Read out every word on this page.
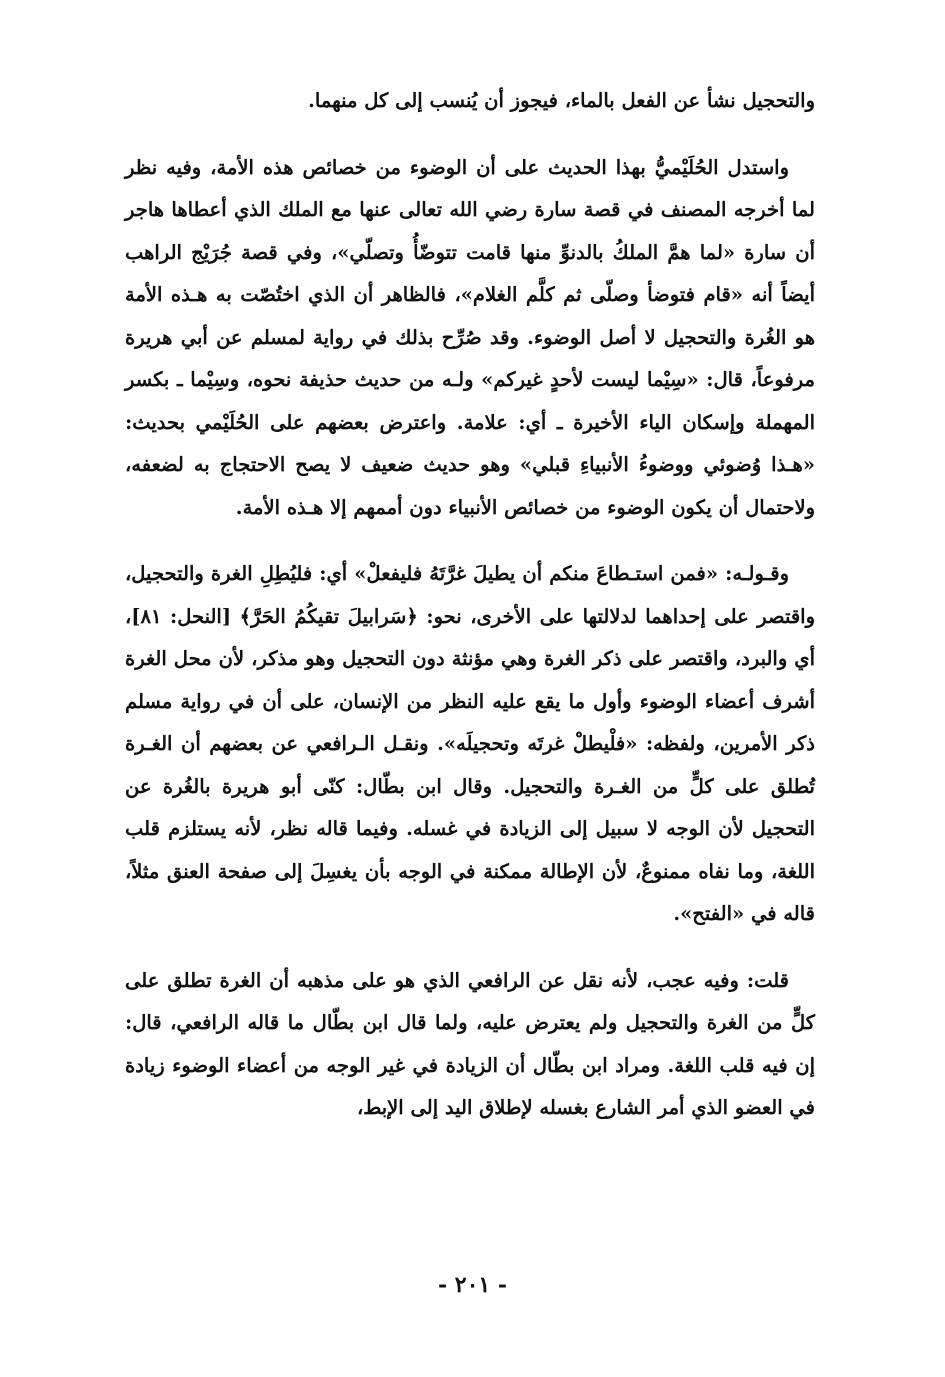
والتحجيل نشأ عن الفعل بالماء، فيجوز أن يُنسب إلى كل منهما.

واستدل الحُلَيْميُّ بهذا الحديث على أن الوضوء من خصائص هذه الأمة، وفيه نظر لما أخرجه المصنف في قصة سارة رضي الله تعالى عنها مع الملك الذي أعطاها هاجر أن سارة «لما همَّ الملكُ بالدنوِّ منها قامت تتوضّأُ وتصلّي»، وفي قصة جُرَيْج الراهب أيضاً أنه «قام فتوضأ وصلّى ثم كلَّم الغلام»، فالظاهر أن الذي اختُصّت به هـذه الأمة هو الغُرة والتحجيل لا أصل الوضوء. وقد صُرِّح بذلك في رواية لمسلم عن أبي هريرة مرفوعاً، قال: «سِيْما ليست لأحدٍ غيركم» ولـه من حديث حذيفة نحوه، وسِيْما ـ بكسر المهملة وإسكان الياء الأخيرة ـ أي: علامة. واعترض بعضهم على الحُلَيْمي بحديث: «هـذا وُضوئي ووضوءُ الأنبياءِ قبلي» وهو حديث ضعيف لا يصح الاحتجاج به لضعفه، ولاحتمال أن يكون الوضوء من خصائص الأنبياء دون أممهم إلا هـذه الأمة.

وقـولـه: «فمن استـطاعَ منكم أن يطيلَ غرَّتَهُ فليفعلْ» أي: فليُطِلِ الغرة والتحجيل، واقتصر على إحداهما لدلالتها على الأخرى، نحو: ﴿سَرابيلَ تقيكُمُ الحَرَّ﴾ [النحل: ٨١]، أي والبرد، واقتصر على ذكر الغرة وهي مؤنثة دون التحجيل وهو مذكر، لأن محل الغرة أشرف أعضاء الوضوء وأول ما يقع عليه النظر من الإنسان، على أن في رواية مسلم ذكر الأمرين، ولفظه: «فلْيطلْ غرتَه وتحجيلَه». ونقـل الـرافعي عن بعضهم أن الغـرة تُطلق على كلٍّ من الغـرة والتحجيل. وقال ابن بطّال: كنّى أبو هريرة بالغُرة عن التحجيل لأن الوجه لا سبيل إلى الزيادة في غسله. وفيما قاله نظر، لأنه يستلزم قلب اللغة، وما نفاه ممنوعٌ، لأن الإطالة ممكنة في الوجه بأن يغسِلَ إلى صفحة العنق مثلاً، قاله في «الفتح».

قلت: وفيه عجب، لأنه نقل عن الرافعي الذي هو على مذهبه أن الغرة تطلق على كلٍّ من الغرة والتحجيل ولم يعترض عليه، ولما قال ابن بطّال ما قاله الرافعي، قال: إن فيه قلب اللغة. ومراد ابن بطّال أن الزيادة في غير الوجه من أعضاء الوضوء زيادة في العضو الذي أمر الشارع بغسله لإطلاق اليد إلى الإبط،

- ٢٠١ -
